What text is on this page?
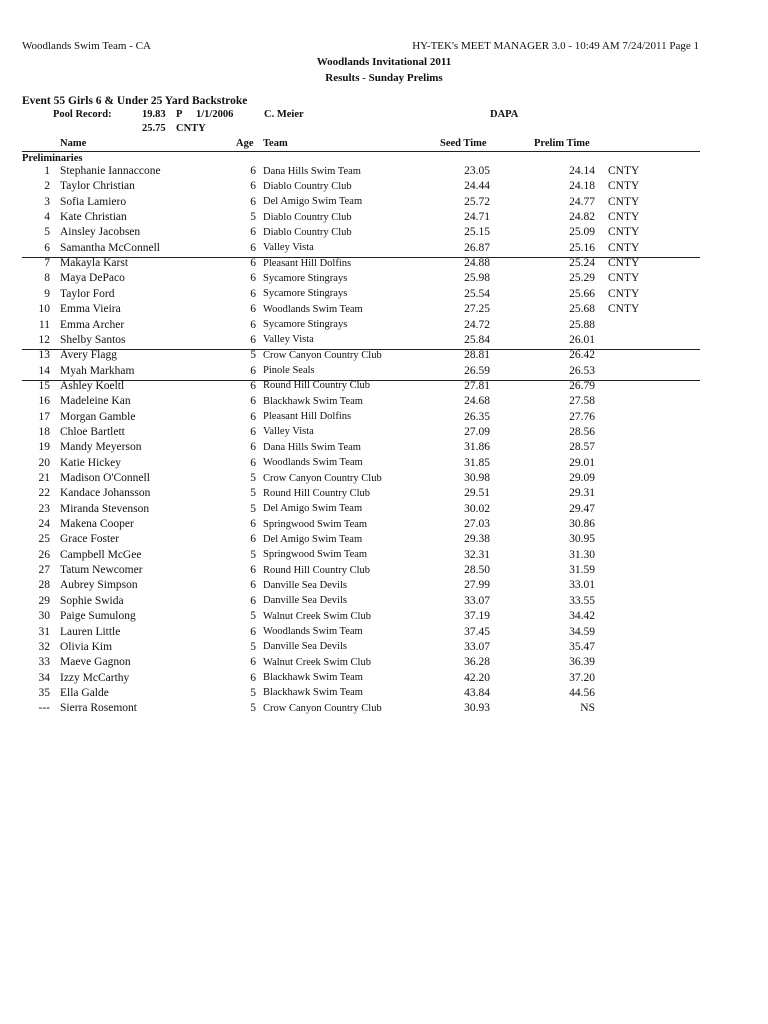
Woodlands Swim Team - CA	HY-TEK's MEET MANAGER 3.0 - 10:49 AM 7/24/2011 Page 1
Woodlands Invitational 2011
Results - Sunday Prelims
Event 55 Girls 6 & Under 25 Yard Backstroke
Pool Record:	19.83 P 1/1/2006	C. Meier	DAPA
25.75 CNTY
Name	Age Team	Seed Time	Prelim Time
Preliminaries
1 Stephanie Iannaccone	6 Dana Hills Swim Team	23.05	24.14 CNTY
2 Taylor Christian	6 Diablo Country Club	24.44	24.18 CNTY
3 Sofia Lamiero	6 Del Amigo Swim Team	25.72	24.77 CNTY
4 Kate Christian	5 Diablo Country Club	24.71	24.82 CNTY
5 Ainsley Jacobsen	6 Diablo Country Club	25.15	25.09 CNTY
6 Samantha McConnell	6 Valley Vista	26.87	25.16 CNTY
7 Makayla Karst	6 Pleasant Hill Dolfins	24.88	25.24 CNTY
8 Maya DePaco	6 Sycamore Stingrays	25.98	25.29 CNTY
9 Taylor Ford	6 Sycamore Stingrays	25.54	25.66 CNTY
10 Emma Vieira	6 Woodlands Swim Team	27.25	25.68 CNTY
11 Emma Archer	6 Sycamore Stingrays	24.72	25.88
12 Shelby Santos	6 Valley Vista	25.84	26.01
13 Avery Flagg	5 Crow Canyon Country Club	28.81	26.42
14 Myah Markham	6 Pinole Seals	26.59	26.53
15 Ashley Koeltl	6 Round Hill Country Club	27.81	26.79
16 Madeleine Kan	6 Blackhawk Swim Team	24.68	27.58
17 Morgan Gamble	6 Pleasant Hill Dolfins	26.35	27.76
18 Chloe Bartlett	6 Valley Vista	27.09	28.56
19 Mandy Meyerson	6 Dana Hills Swim Team	31.86	28.57
20 Katie Hickey	6 Woodlands Swim Team	31.85	29.01
21 Madison O'Connell	5 Crow Canyon Country Club	30.98	29.09
22 Kandace Johansson	5 Round Hill Country Club	29.51	29.31
23 Miranda Stevenson	5 Del Amigo Swim Team	30.02	29.47
24 Makena Cooper	6 Springwood Swim Team	27.03	30.86
25 Grace Foster	6 Del Amigo Swim Team	29.38	30.95
26 Campbell McGee	5 Springwood Swim Team	32.31	31.30
27 Tatum Newcomer	6 Round Hill Country Club	28.50	31.59
28 Aubrey Simpson	6 Danville Sea Devils	27.99	33.01
29 Sophie Swida	6 Danville Sea Devils	33.07	33.55
30 Paige Sumulong	5 Walnut Creek Swim Club	37.19	34.42
31 Lauren Little	6 Woodlands Swim Team	37.45	34.59
32 Olivia Kim	5 Danville Sea Devils	33.07	35.47
33 Maeve Gagnon	6 Walnut Creek Swim Club	36.28	36.39
34 Izzy McCarthy	6 Blackhawk Swim Team	42.20	37.20
35 Ella Galde	5 Blackhawk Swim Team	43.84	44.56
--- Sierra Rosemont	5 Crow Canyon Country Club	30.93	NS
